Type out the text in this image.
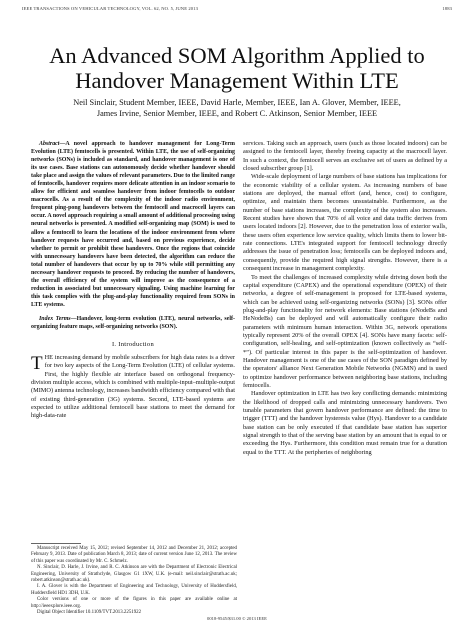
IEEE TRANSACTIONS ON VEHICULAR TECHNOLOGY, VOL. 62, NO. 5, JUNE 2013	1883
An Advanced SOM Algorithm Applied to Handover Management Within LTE
Neil Sinclair, Student Member, IEEE, David Harle, Member, IEEE, Ian A. Glover, Member, IEEE,
James Irvine, Senior Member, IEEE, and Robert C. Atkinson, Senior Member, IEEE

Abstract—A novel approach to handover management for Long-Term Evolution (LTE) femtocells is presented. Within LTE, the use of self-organizing networks (SONs) is included as standard, and handover management is one of its use cases. Base stations can autonomously decide whether handover should take place and assign the values of relevant parameters. Due to the limited range of femtocells, handover requires more delicate attention in an indoor scenario to allow for efficient and seamless handover from indoor femtocells to outdoor macrocells. As a result of the complexity of the indoor radio environment, frequent ping-pong handovers between the femtocell and macrocell layers can occur. A novel approach requiring a small amount of additional processing using neural networks is presented. A modified self-organizing map (SOM) is used to allow a femtocell to learn the locations of the indoor environment from where handover requests have occurred and, based on previous experience, decide whether to permit or prohibit these handovers. Once the regions that coincide with unnecessary handovers have been detected, the algorithm can reduce the total number of handovers that occur by up to 70% while still permitting any necessary handover requests to proceed. By reducing the number of handovers, the overall efficiency of the system will improve as the consequence of a reduction in associated but unnecessary signaling. Using machine learning for this task complies with the plug-and-play functionality required from SONs in LTE systems.

Index Terms—Handover, long-term evolution (LTE), neural networks, self-organizing feature maps, self-organizing networks (SON).

I. Introduction

THE increasing demand by mobile subscribers for high data rates is a driver for two key aspects of the Long-Term Evolution (LTE) of cellular systems. First, the highly flexible air interface based on orthogonal frequency-division multiple access, which is combined with multiple-input–multiple-output (MIMO) antenna technology, increases bandwidth efficiency compared with that of existing third-generation (3G) systems. Second, LTE-based systems are expected to utilize additional femtocell base stations to meet the demand for high-data-rate

Manuscript received May 15, 2012; revised September 14, 2012 and December 21, 2012; accepted February 9, 2013. Date of publication March 8, 2013; date of current version June 12, 2013. The review of this paper was coordinated by Mr. C. Schmelz.

N. Sinclair, D. Harle, J. Irvine, and R. C. Atkinson are with the Department of Electronic Electrical Engineering, University of Strathclyde, Glasgow G1 1XW, U.K. (e-mail: neil.sinclair@strath.ac.uk; robert.atkinson@strath.ac.uk).

I. A. Glover is with the Department of Engineering and Technology, University of Huddersfield, Huddersfield HD1 3DH, U.K.

Color versions of one or more of the figures in this paper are available online at http://ieeexplore.ieee.org.

Digital Object Identifier 10.1109/TVT.2013.2251922

services. Taking such an approach, users (such as those located indoors) can be assigned to the femtocell layer, thereby freeing capacity at the macrocell layer. In such a context, the femtocell serves an exclusive set of users as defined by a closed subscriber group [1].

Wide-scale deployment of large numbers of base stations has implications for the economic viability of a cellular system. As increasing numbers of base stations are deployed, the manual effort (and, hence, cost) to configure, optimize, and maintain them becomes unsustainable. Furthermore, as the number of base stations increases, the complexity of the system also increases. Recent studies have shown that 70% of all voice and data traffic derives from users located indoors [2]. However, due to the penetration loss of exterior walls, these users often experience low service quality, which limits them to lower bit-rate connections. LTE's integrated support for femtocell technology directly addresses the issue of penetration loss; femtocells can be deployed indoors and, consequently, provide the required high signal strengths. However, there is a consequent increase in management complexity.

To meet the challenges of increased complexity while driving down both the capital expenditure (CAPEX) and the operational expenditure (OPEX) of their networks, a degree of self-management is proposed for LTE-based systems, which can be achieved using self-organizing networks (SONs) [3]. SONs offer plug-and-play functionality for network elements: Base stations (eNodeBs and HeNodeBs) can be deployed and will automatically configure their radio parameters with minimum human interaction. Within 3G, network operations typically represent 20% of the overall OPEX [4]. SONs have many facets: self-configuration, self-healing, and self-optimization (known collectively as “self-*”). Of particular interest in this paper is the self-optimization of handover. Handover management is one of the use cases of the SON paradigm defined by the operators' alliance Next Generation Mobile Networks (NGMN) and is used to optimize handover performance between neighboring base stations, including femtocells.

Handover optimization in LTE has two key conflicting demands: minimizing the likelihood of dropped calls and minimizing unnecessary handovers. Two tunable parameters that govern handover performance are defined: the time to trigger (TTT) and the handover hysteresis value (Hys). Handover to a candidate base station can be only executed if that candidate base station has superior signal strength to that of the serving base station by an amount that is equal to or exceeding the Hys. Furthermore, this condition must remain true for a duration equal to the TTT. At the peripheries of neighboring

0018-9545/$31.00 © 2013 IEEE
